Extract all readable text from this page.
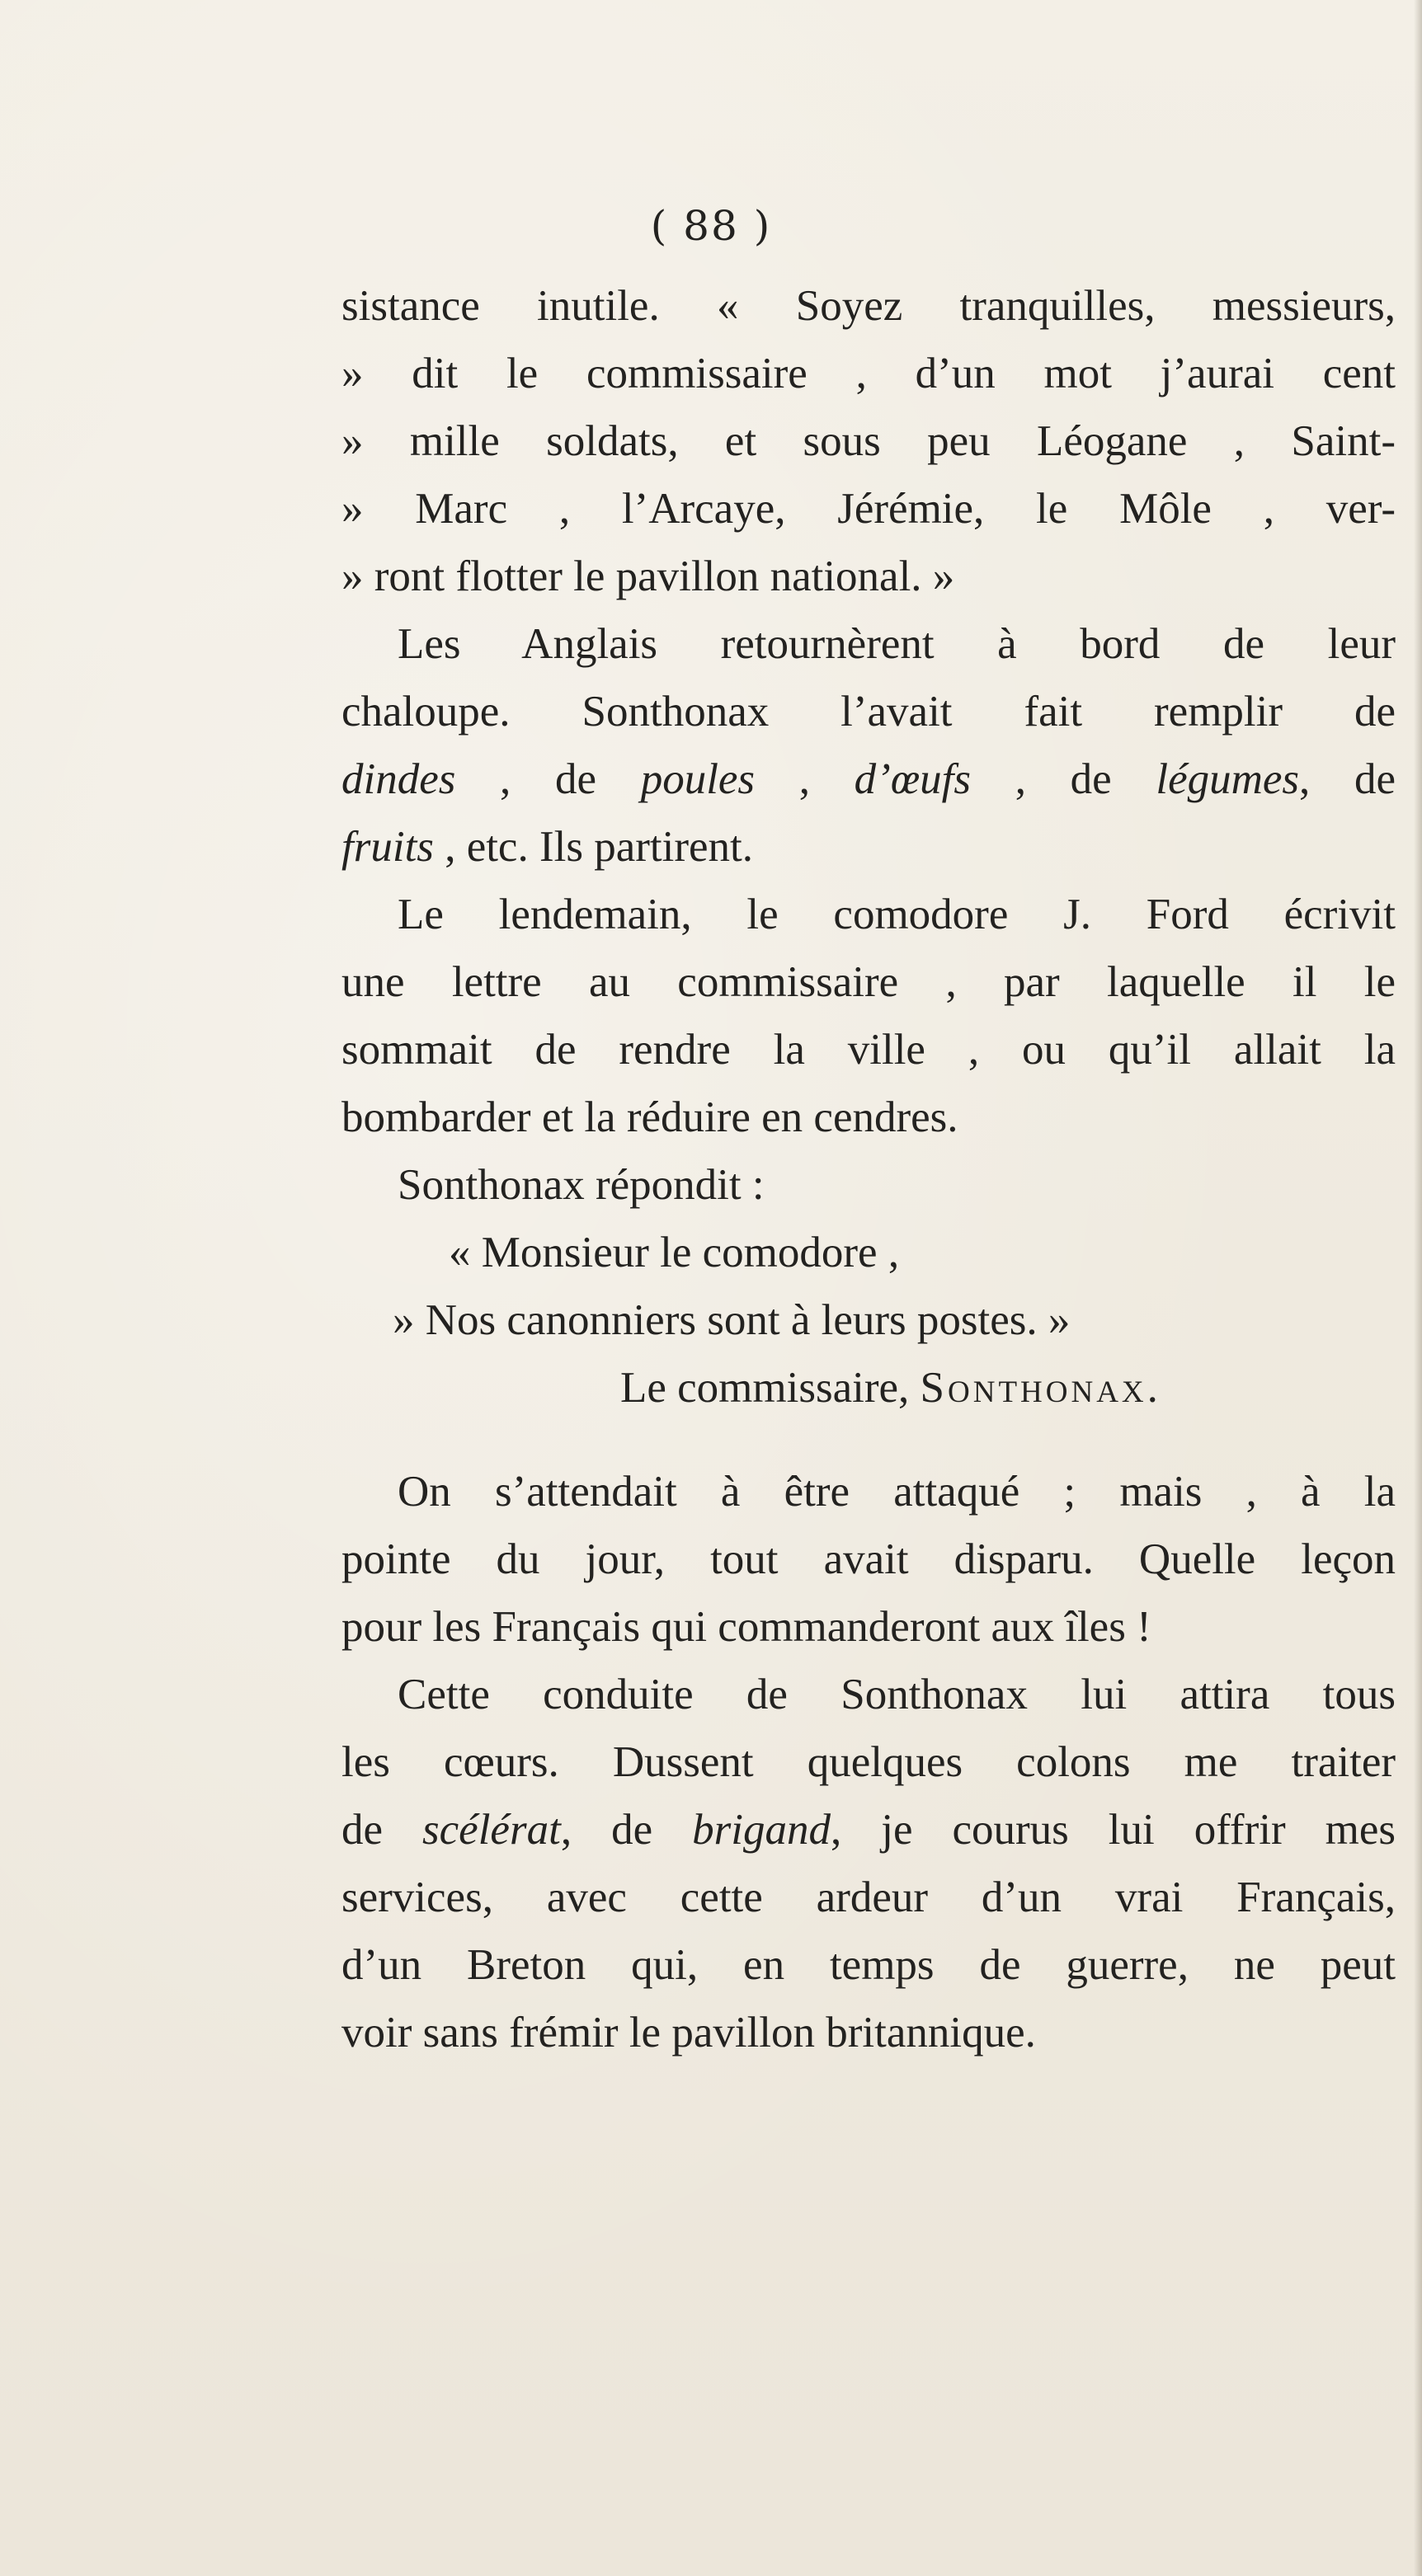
( 88 )
sistance inutile. « Soyez tranquilles, messieurs,
» dit le commissaire , d’un mot j’aurai cent
» mille soldats, et sous peu Léogane , Saint-
» Marc , l’Arcaye, Jérémie, le Môle , ver-
» ront flotter le pavillon national. »
Les Anglais retournèrent à bord de leur
chaloupe. Sonthonax l’avait fait remplir de
dindes , de poules , d’œufs , de légumes, de
fruits , etc. Ils partirent.
Le lendemain, le comodore J. Ford écrivit
une lettre au commissaire , par laquelle il le
sommait de rendre la ville , ou qu’il allait la
bombarder et la réduire en cendres.
Sonthonax répondit :
« Monsieur le comodore ,
» Nos canonniers sont à leurs postes. »
Le commissaire, Sonthonax.
On s’attendait à être attaqué ; mais , à la
pointe du jour, tout avait disparu. Quelle leçon
pour les Français qui commanderont aux îles !
Cette conduite de Sonthonax lui attira tous
les cœurs. Dussent quelques colons me traiter
de scélérat, de brigand, je courus lui offrir mes
services, avec cette ardeur d’un vrai Français,
d’un Breton qui, en temps de guerre, ne peut
voir sans frémir le pavillon britannique.
